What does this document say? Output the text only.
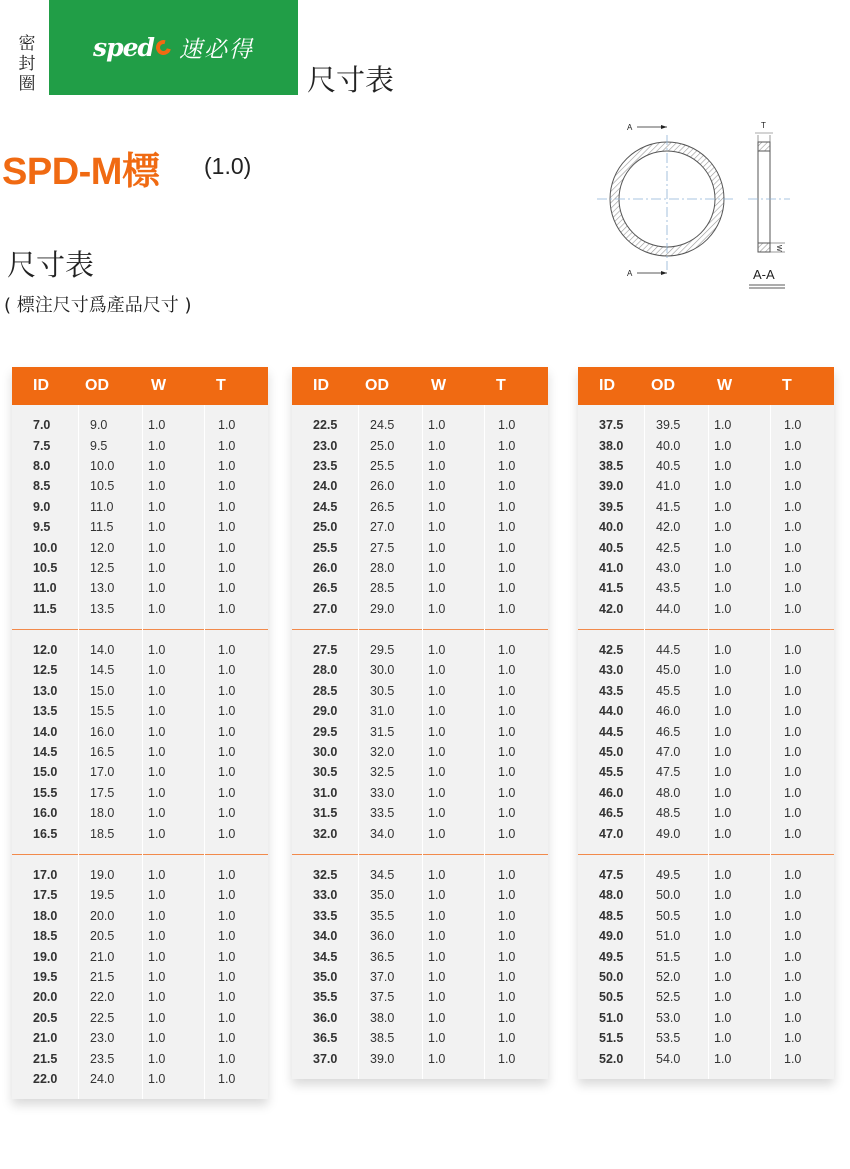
密封圈
sped 速必得
尺寸表
SPD-M標 (1.0)
尺寸表
( 標注尺寸爲產品尺寸 )
A
A
T
W
A-A
ID	OD	W	T
7.0	9.0	1.0	1.0
7.5	9.5	1.0	1.0
8.0	10.0	1.0	1.0
8.5	10.5	1.0	1.0
9.0	11.0	1.0	1.0
9.5	11.5	1.0	1.0
10.0	12.0	1.0	1.0
10.5	12.5	1.0	1.0
11.0	13.0	1.0	1.0
11.5	13.5	1.0	1.0
12.0	14.0	1.0	1.0
12.5	14.5	1.0	1.0
13.0	15.0	1.0	1.0
13.5	15.5	1.0	1.0
14.0	16.0	1.0	1.0
14.5	16.5	1.0	1.0
15.0	17.0	1.0	1.0
15.5	17.5	1.0	1.0
16.0	18.0	1.0	1.0
16.5	18.5	1.0	1.0
17.0	19.0	1.0	1.0
17.5	19.5	1.0	1.0
18.0	20.0	1.0	1.0
18.5	20.5	1.0	1.0
19.0	21.0	1.0	1.0
19.5	21.5	1.0	1.0
20.0	22.0	1.0	1.0
20.5	22.5	1.0	1.0
21.0	23.0	1.0	1.0
21.5	23.5	1.0	1.0
22.0	24.0	1.0	1.0
ID	OD	W	T
22.5	24.5	1.0	1.0
23.0	25.0	1.0	1.0
23.5	25.5	1.0	1.0
24.0	26.0	1.0	1.0
24.5	26.5	1.0	1.0
25.0	27.0	1.0	1.0
25.5	27.5	1.0	1.0
26.0	28.0	1.0	1.0
26.5	28.5	1.0	1.0
27.0	29.0	1.0	1.0
27.5	29.5	1.0	1.0
28.0	30.0	1.0	1.0
28.5	30.5	1.0	1.0
29.0	31.0	1.0	1.0
29.5	31.5	1.0	1.0
30.0	32.0	1.0	1.0
30.5	32.5	1.0	1.0
31.0	33.0	1.0	1.0
31.5	33.5	1.0	1.0
32.0	34.0	1.0	1.0
32.5	34.5	1.0	1.0
33.0	35.0	1.0	1.0
33.5	35.5	1.0	1.0
34.0	36.0	1.0	1.0
34.5	36.5	1.0	1.0
35.0	37.0	1.0	1.0
35.5	37.5	1.0	1.0
36.0	38.0	1.0	1.0
36.5	38.5	1.0	1.0
37.0	39.0	1.0	1.0
ID	OD	W	T
37.5	39.5	1.0	1.0
38.0	40.0	1.0	1.0
38.5	40.5	1.0	1.0
39.0	41.0	1.0	1.0
39.5	41.5	1.0	1.0
40.0	42.0	1.0	1.0
40.5	42.5	1.0	1.0
41.0	43.0	1.0	1.0
41.5	43.5	1.0	1.0
42.0	44.0	1.0	1.0
42.5	44.5	1.0	1.0
43.0	45.0	1.0	1.0
43.5	45.5	1.0	1.0
44.0	46.0	1.0	1.0
44.5	46.5	1.0	1.0
45.0	47.0	1.0	1.0
45.5	47.5	1.0	1.0
46.0	48.0	1.0	1.0
46.5	48.5	1.0	1.0
47.0	49.0	1.0	1.0
47.5	49.5	1.0	1.0
48.0	50.0	1.0	1.0
48.5	50.5	1.0	1.0
49.0	51.0	1.0	1.0
49.5	51.5	1.0	1.0
50.0	52.0	1.0	1.0
50.5	52.5	1.0	1.0
51.0	53.0	1.0	1.0
51.5	53.5	1.0	1.0
52.0	54.0	1.0	1.0
